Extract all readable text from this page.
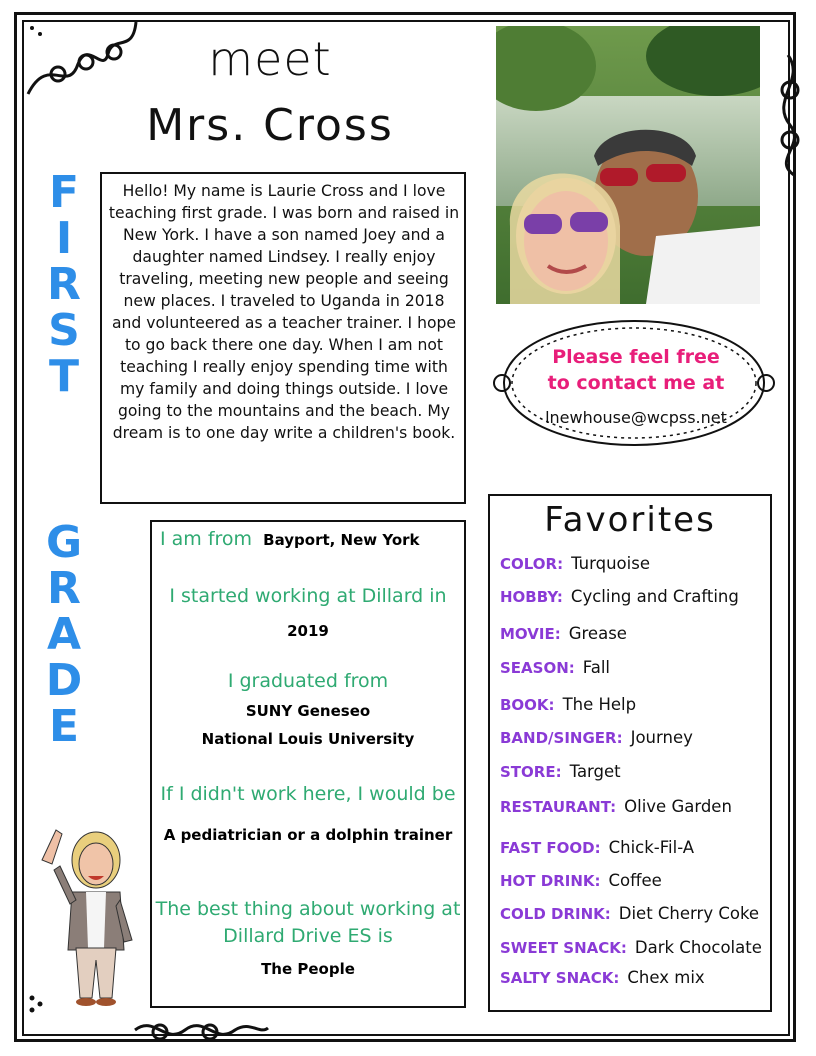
meet
Mrs. Cross
F
I
R
S
T
G
R
A
D
E
Hello! My name is Laurie Cross and I love teaching first grade. I was born and raised in New York. I have a son named Joey and a daughter named Lindsey. I really enjoy traveling, meeting new people and seeing new places. I traveled to Uganda in 2018 and volunteered as a teacher trainer. I hope to go back there one day. When I am not teaching I really enjoy spending time with my family and doing things outside. I love going to the mountains and the beach. My dream is to one day write a children's book.
Please feel free
to contact me at
lnewhouse@wcpss.net
I am from Bayport, New York
I started working at Dillard in
2019
I graduated from
SUNY Geneseo
National Louis University
If I didn't work here, I would be
A pediatrician or a dolphin trainer
The best thing about working at
Dillard Drive ES is
The People
Favorites
COLOR: Turquoise
HOBBY: Cycling and Crafting
MOVIE: Grease
SEASON: Fall
BOOK: The Help
BAND/SINGER: Journey
STORE: Target
RESTAURANT: Olive Garden
FAST FOOD: Chick-Fil-A
HOT DRINK: Coffee
COLD DRINK: Diet Cherry Coke
SWEET SNACK: Dark Chocolate
SALTY SNACK: Chex mix
